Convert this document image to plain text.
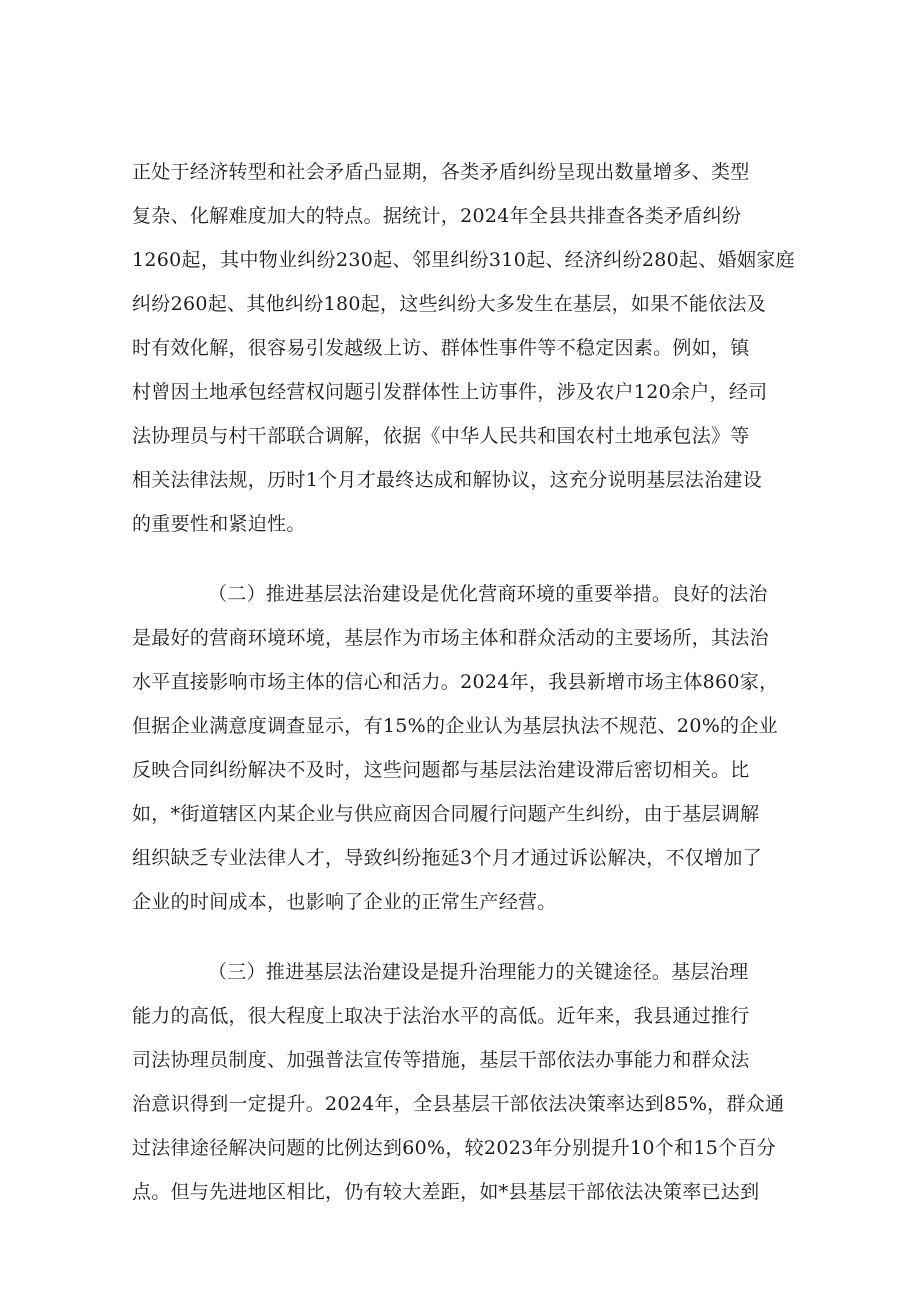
正处于经济转型和社会矛盾凸显期，各类矛盾纠纷呈现出数量增多、类型
复杂、化解难度加大的特点。据统计，2024年全县共排查各类矛盾纠纷
1260起，其中物业纠纷230起、邻里纠纷310起、经济纠纷280起、婚姻家庭
纠纷260起、其他纠纷180起，这些纠纷大多发生在基层，如果不能依法及
时有效化解，很容易引发越级上访、群体性事件等不稳定因素。例如，镇
村曾因土地承包经营权问题引发群体性上访事件，涉及农户120余户，经司
法协理员与村干部联合调解，依据《中华人民共和国农村土地承包法》等
相关法律法规，历时1个月才最终达成和解协议，这充分说明基层法治建设
的重要性和紧迫性。
（二）推进基层法治建设是优化营商环境的重要举措。良好的法治
是最好的营商环境环境，基层作为市场主体和群众活动的主要场所，其法治
水平直接影响市场主体的信心和活力。2024年，我县新增市场主体860家，
但据企业满意度调查显示，有15%的企业认为基层执法不规范、20%的企业
反映合同纠纷解决不及时，这些问题都与基层法治建设滞后密切相关。比
如，*街道辖区内某企业与供应商因合同履行问题产生纠纷，由于基层调解
组织缺乏专业法律人才，导致纠纷拖延3个月才通过诉讼解决，不仅增加了
企业的时间成本，也影响了企业的正常生产经营。
（三）推进基层法治建设是提升治理能力的关键途径。基层治理
能力的高低，很大程度上取决于法治水平的高低。近年来，我县通过推行
司法协理员制度、加强普法宣传等措施，基层干部依法办事能力和群众法
治意识得到一定提升。2024年，全县基层干部依法决策率达到85%，群众通
过法律途径解决问题的比例达到60%，较2023年分别提升10个和15个百分
点。但与先进地区相比，仍有较大差距，如*县基层干部依法决策率已达到
